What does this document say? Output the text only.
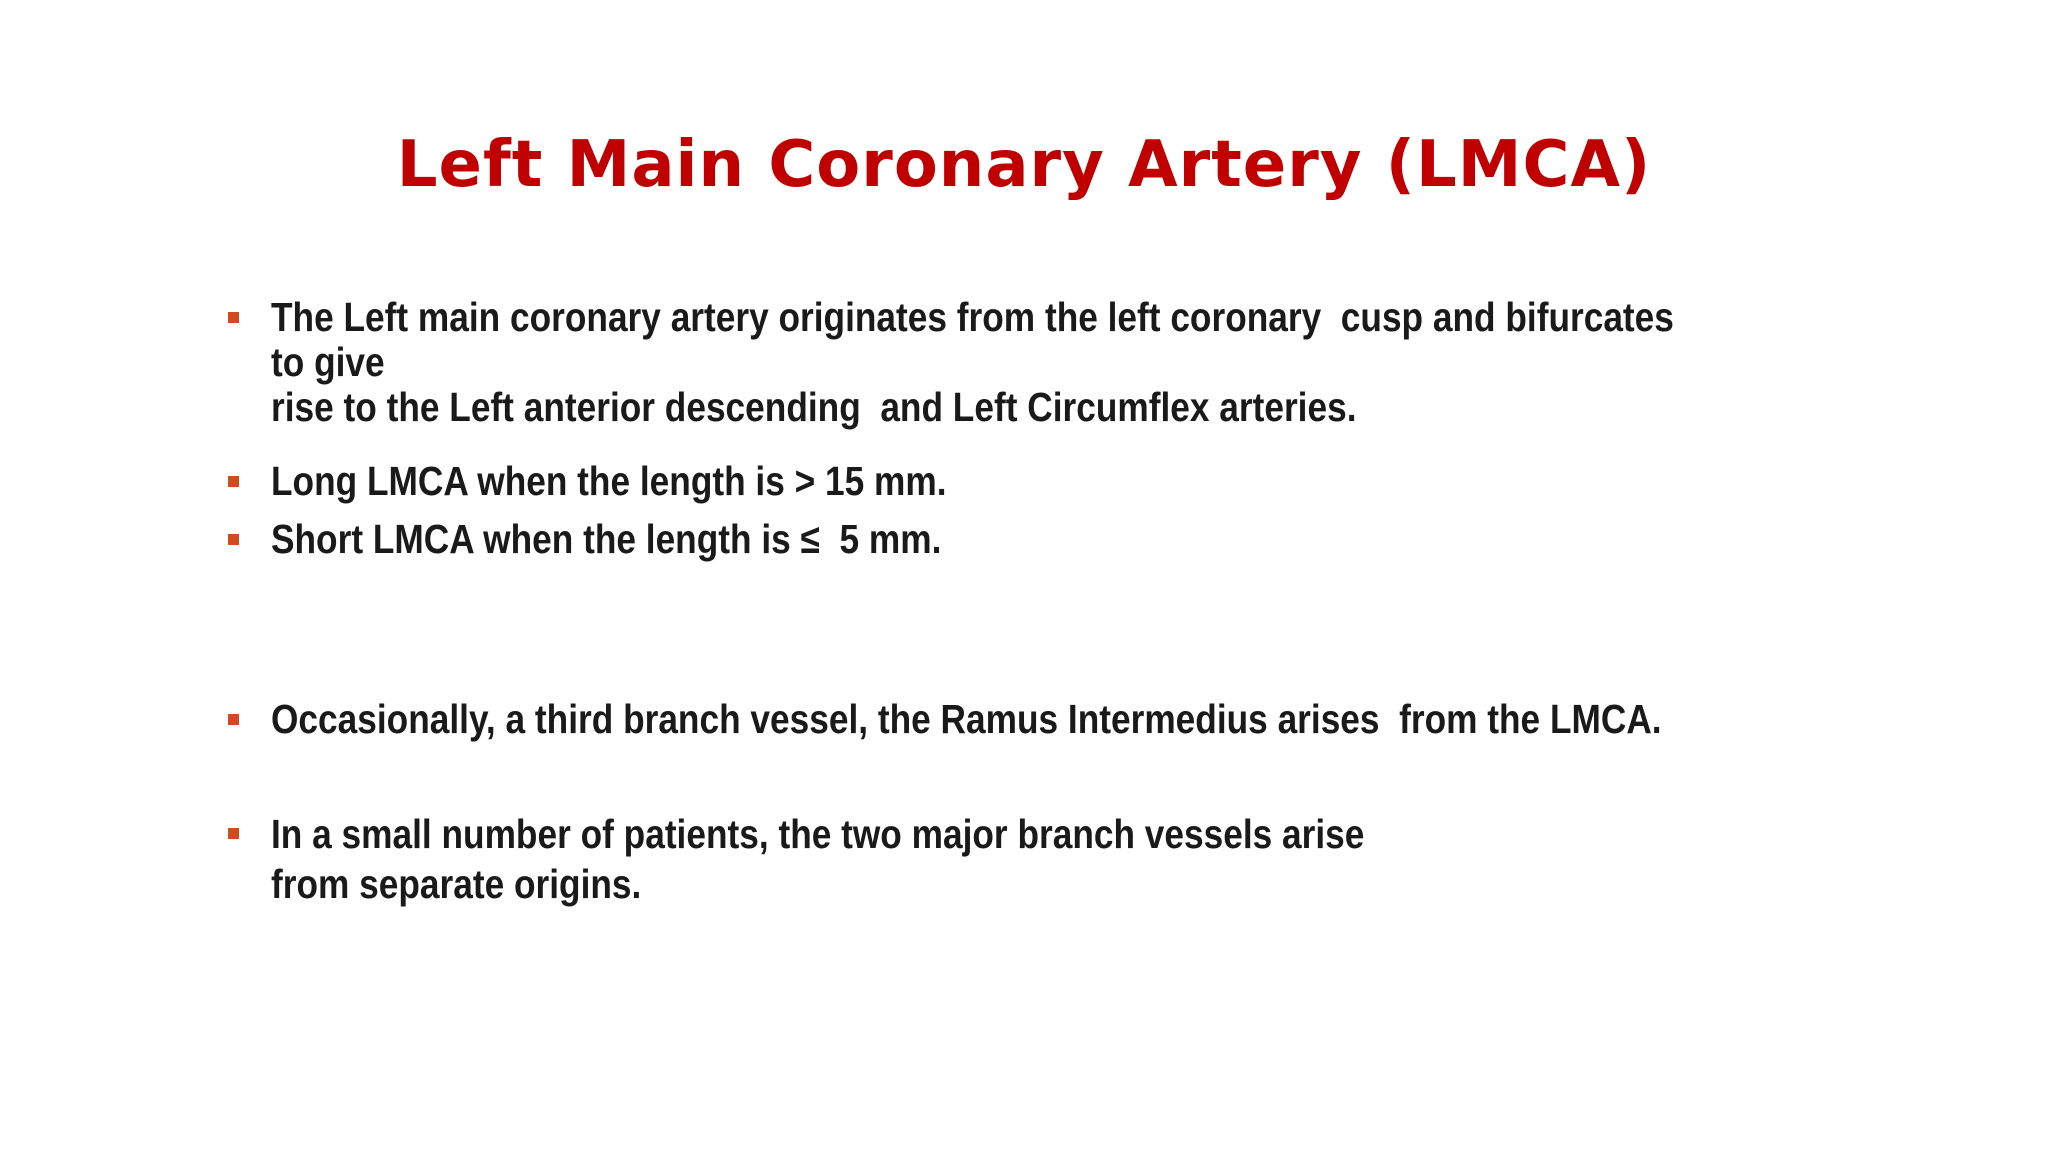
Left Main Coronary Artery (LMCA)
The Left main coronary artery originates from the left coronary  cusp and bifurcates to give
rise to the Left anterior descending  and Left Circumflex arteries.
Long LMCA when the length is > 15 mm.
Short LMCA when the length is ≤  5 mm.
Occasionally, a third branch vessel, the Ramus Intermedius arises  from the LMCA.
In a small number of patients, the two major branch vessels arise
from separate origins.
